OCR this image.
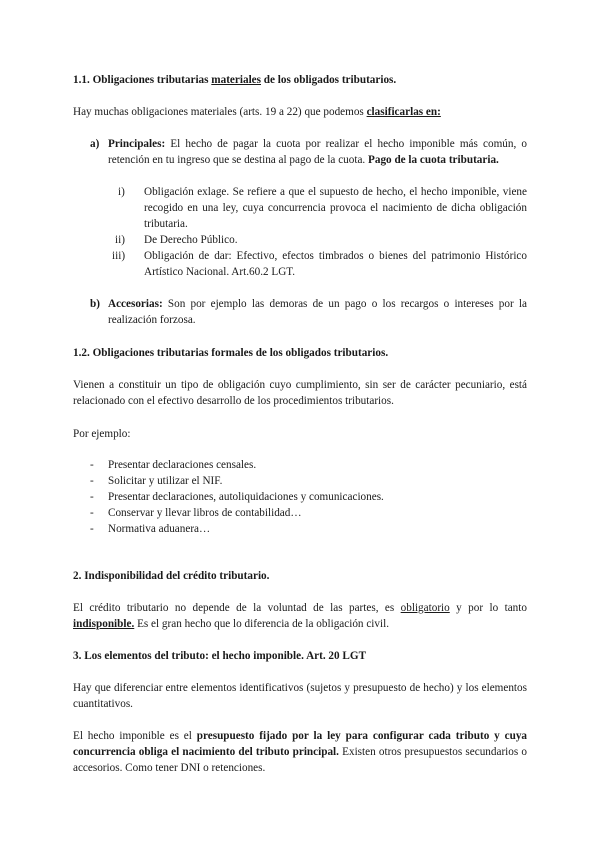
1.1. Obligaciones tributarias materiales de los obligados tributarios.
Hay muchas obligaciones materiales (arts. 19 a 22) que podemos clasificarlas en:
a) Principales: El hecho de pagar la cuota por realizar el hecho imponible más común, o retención en tu ingreso que se destina al pago de la cuota. Pago de la cuota tributaria.
i) Obligación exlage. Se refiere a que el supuesto de hecho, el hecho imponible, viene recogido en una ley, cuya concurrencia provoca el nacimiento de dicha obligación tributaria.
ii) De Derecho Público.
iii) Obligación de dar: Efectivo, efectos timbrados o bienes del patrimonio Histórico Artístico Nacional. Art.60.2 LGT.
b) Accesorias: Son por ejemplo las demoras de un pago o los recargos o intereses por la realización forzosa.
1.2. Obligaciones tributarias formales de los obligados tributarios.
Vienen a constituir un tipo de obligación cuyo cumplimiento, sin ser de carácter pecuniario, está relacionado con el efectivo desarrollo de los procedimientos tributarios.
Por ejemplo:
- Presentar declaraciones censales.
- Solicitar y utilizar el NIF.
- Presentar declaraciones, autoliquidaciones y comunicaciones.
- Conservar y llevar libros de contabilidad…
- Normativa aduanera…
2. Indisponibilidad del crédito tributario.
El crédito tributario no depende de la voluntad de las partes, es obligatorio y por lo tanto indisponible. Es el gran hecho que lo diferencia de la obligación civil.
3. Los elementos del tributo: el hecho imponible. Art. 20 LGT
Hay que diferenciar entre elementos identificativos (sujetos y presupuesto de hecho) y los elementos cuantitativos.
El hecho imponible es el presupuesto fijado por la ley para configurar cada tributo y cuya concurrencia obliga el nacimiento del tributo principal. Existen otros presupuestos secundarios o accesorios. Como tener DNI o retenciones.
